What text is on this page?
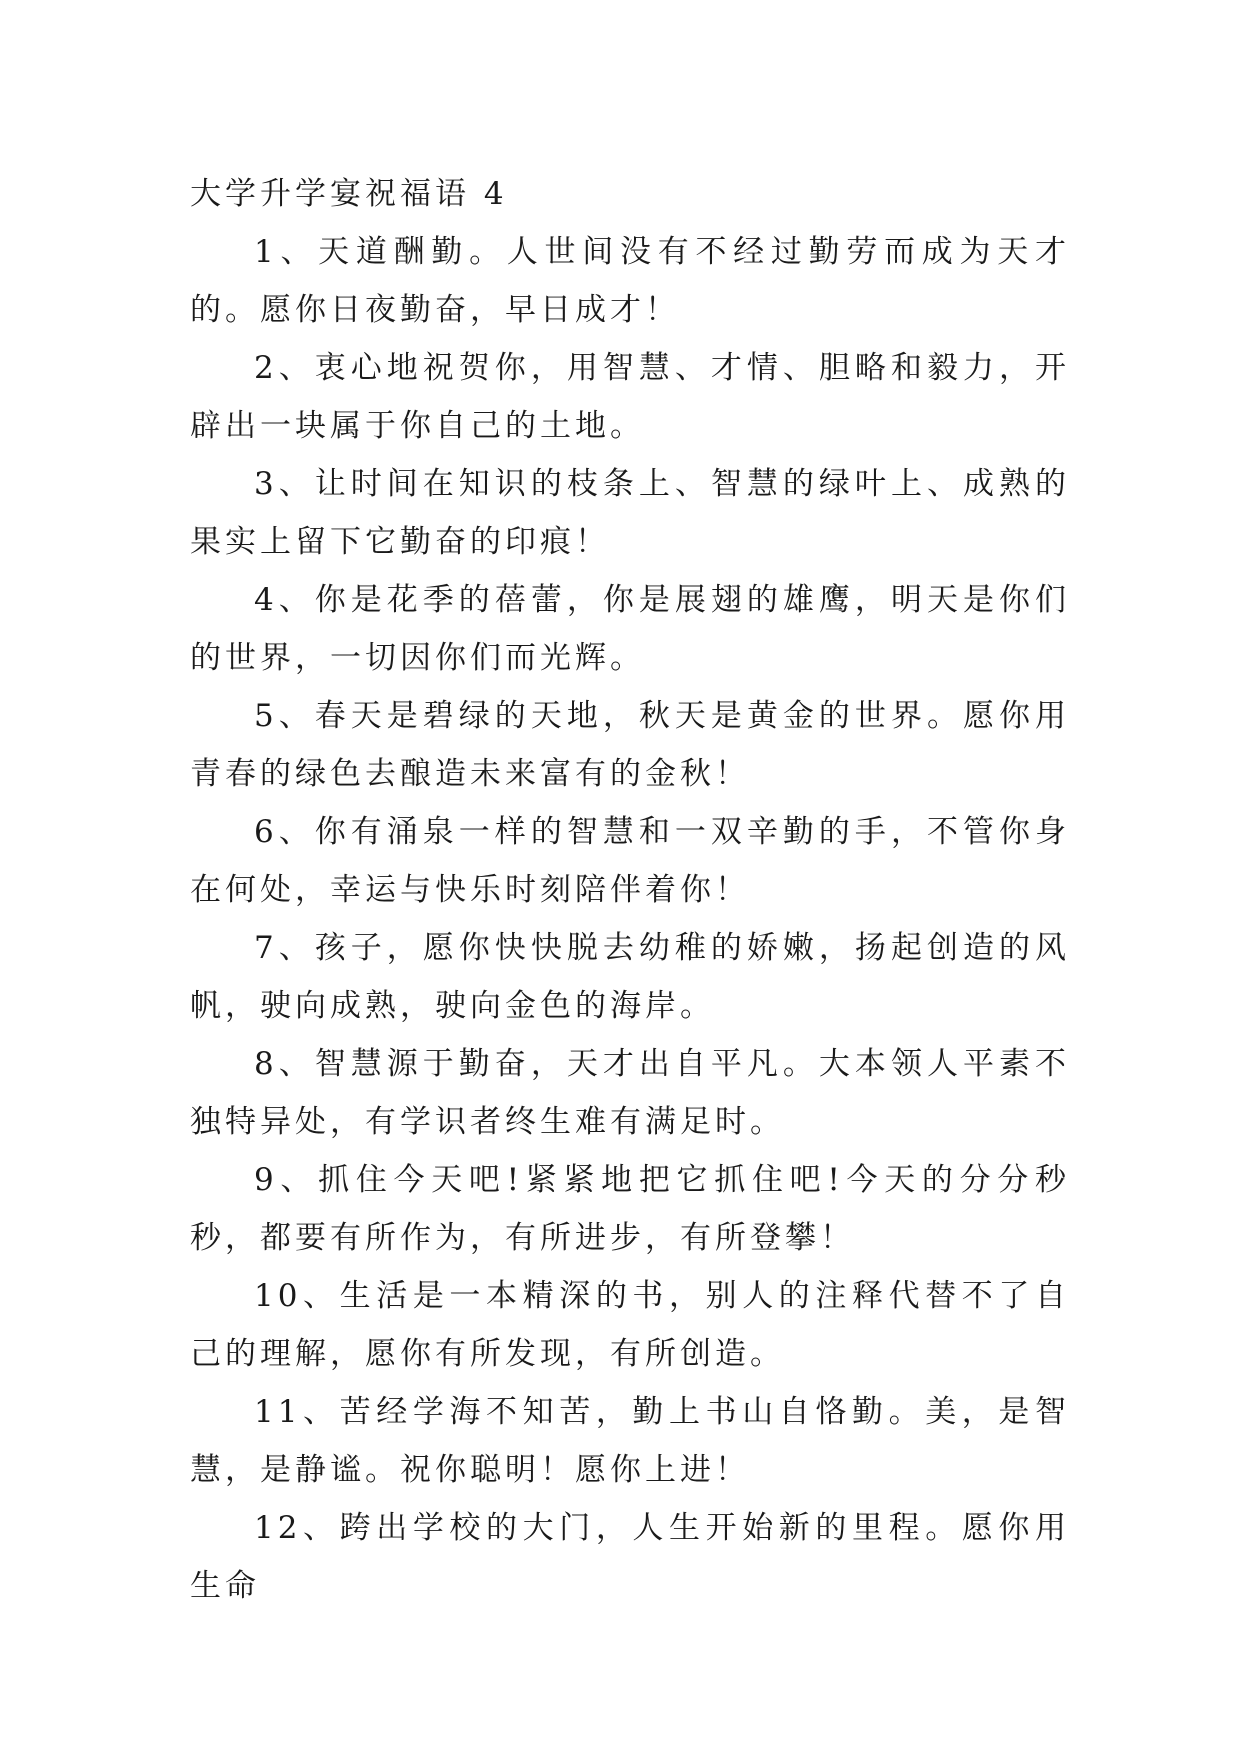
大学升学宴祝福语 4

1、天道酬勤。人世间没有不经过勤劳而成为天才的。愿你日夜勤奋，早日成才！

2、衷心地祝贺你，用智慧、才情、胆略和毅力，开辟出一块属于你自己的土地。

3、让时间在知识的枝条上、智慧的绿叶上、成熟的果实上留下它勤奋的印痕！

4、你是花季的蓓蕾，你是展翅的雄鹰，明天是你们的世界，一切因你们而光辉。

5、春天是碧绿的天地，秋天是黄金的世界。愿你用青春的绿色去酿造未来富有的金秋！

6、你有涌泉一样的智慧和一双辛勤的手，不管你身在何处，幸运与快乐时刻陪伴着你！

7、孩子，愿你快快脱去幼稚的娇嫩，扬起创造的风帆，驶向成熟，驶向金色的海岸。

8、智慧源于勤奋，天才出自平凡。大本领人平素不独特异处，有学识者终生难有满足时。

9、抓住今天吧!紧紧地把它抓住吧!今天的分分秒秒，都要有所作为，有所进步，有所登攀！

10、生活是一本精深的书，别人的注释代替不了自己的理解，愿你有所发现，有所创造。

11、苦经学海不知苦，勤上书山自恪勤。美，是智慧，是静谧。祝你聪明！愿你上进！

12、跨出学校的大门，人生开始新的里程。愿你用生命
